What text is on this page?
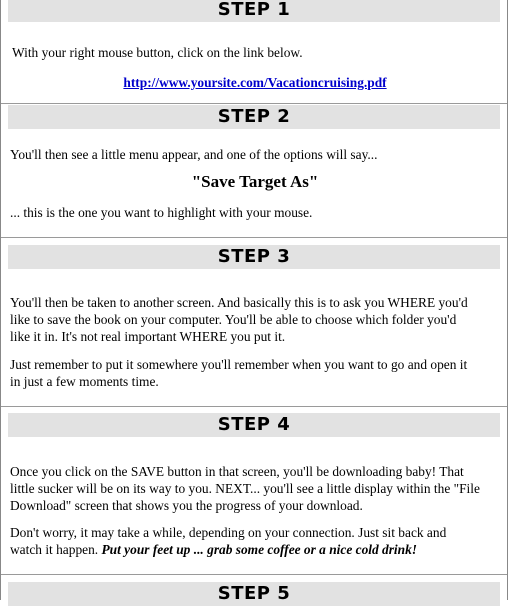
STEP 1
With your right mouse button, click on the link below.
http://www.yoursite.com/Vacationcruising.pdf
STEP 2
You'll then see a little menu appear, and one of the options will say...
"Save Target As"
... this is the one you want to highlight with your mouse.
STEP 3
You'll then be taken to another screen. And basically this is to ask you WHERE you'd
like to save the book on your computer. You'll be able to choose which folder you'd
like it in. It's not real important WHERE you put it.
Just remember to put it somewhere you'll remember when you want to go and open it
in just a few moments time.
STEP 4
Once you click on the SAVE button in that screen, you'll be downloading baby! That
little sucker will be on its way to you. NEXT... you'll see a little display within the "File
Download" screen that shows you the progress of your download.
Don't worry, it may take a while, depending on your connection. Just sit back and
watch it happen. Put your feet up ... grab some coffee or a nice cold drink!
STEP 5
